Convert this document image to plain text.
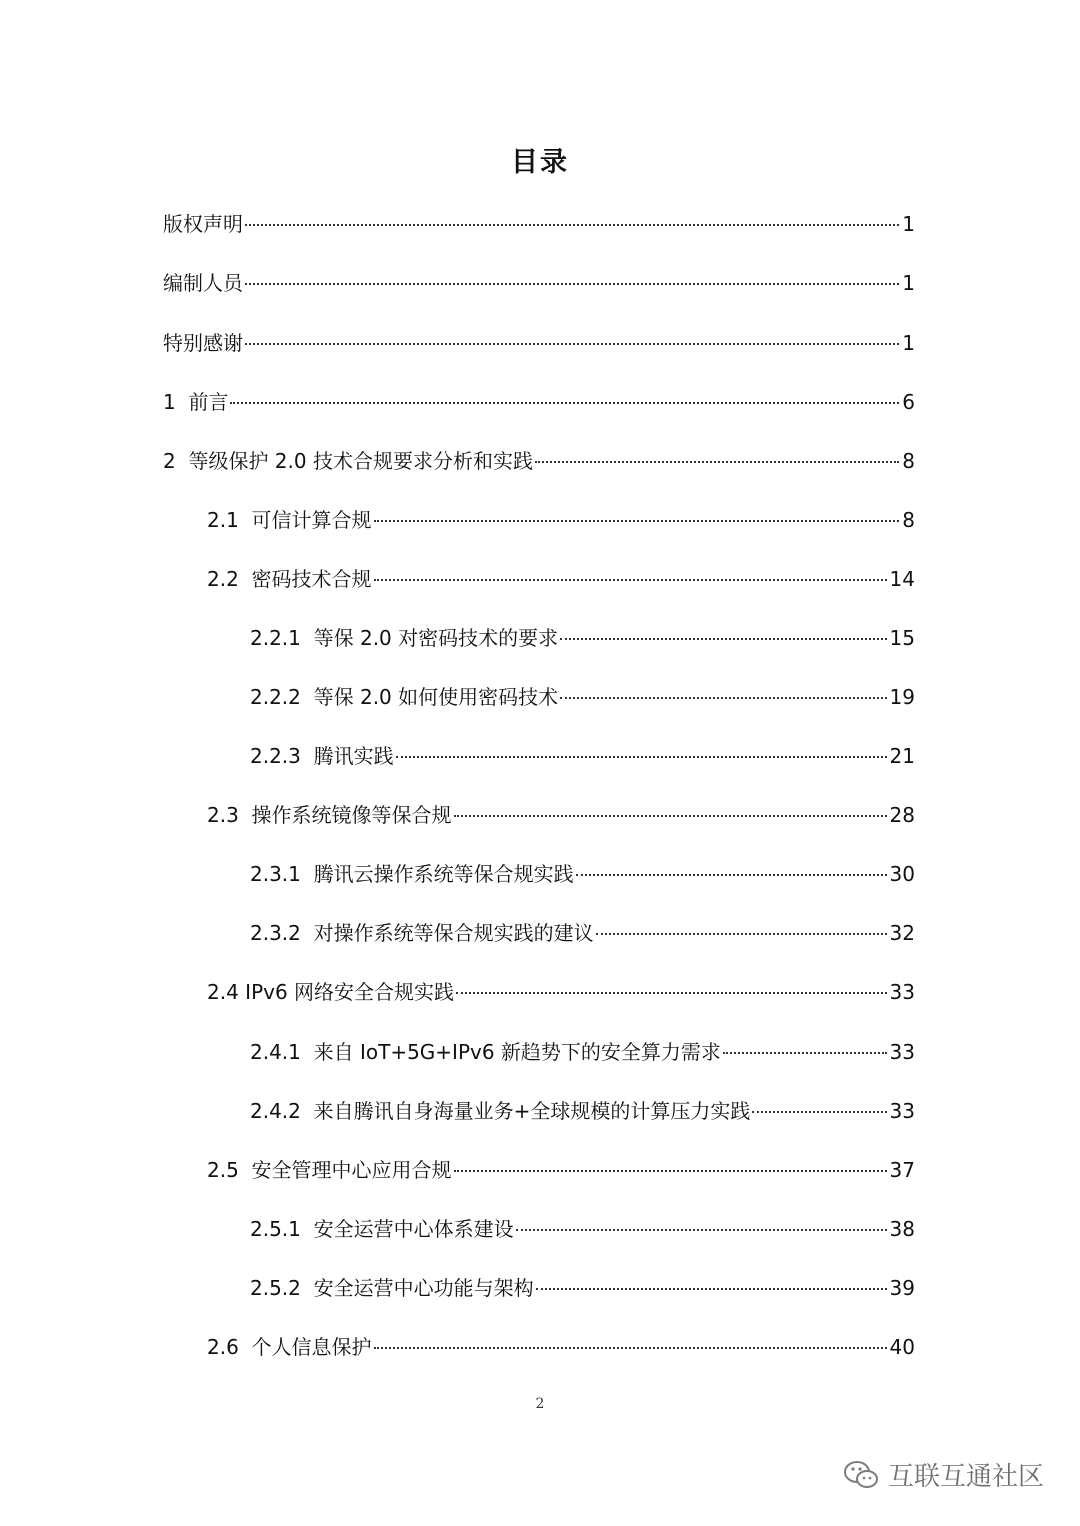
目录
版权声明	1
编制人员	1
特别感谢	1
1 前言	6
2 等级保护 2.0 技术合规要求分析和实践	8
2.1 可信计算合规	8
2.2 密码技术合规	14
2.2.1 等保 2.0 对密码技术的要求	15
2.2.2 等保 2.0 如何使用密码技术	19
2.2.3 腾讯实践	21
2.3 操作系统镜像等保合规	28
2.3.1 腾讯云操作系统等保合规实践	30
2.3.2 对操作系统等保合规实践的建议	32
2.4 IPv6 网络安全合规实践	33
2.4.1 来自 IoT+5G+IPv6 新趋势下的安全算力需求	33
2.4.2 来自腾讯自身海量业务+全球规模的计算压力实践	33
2.5 安全管理中心应用合规	37
2.5.1 安全运营中心体系建设	38
2.5.2 安全运营中心功能与架构	39
2.6 个人信息保护	40
2
互联互通社区
